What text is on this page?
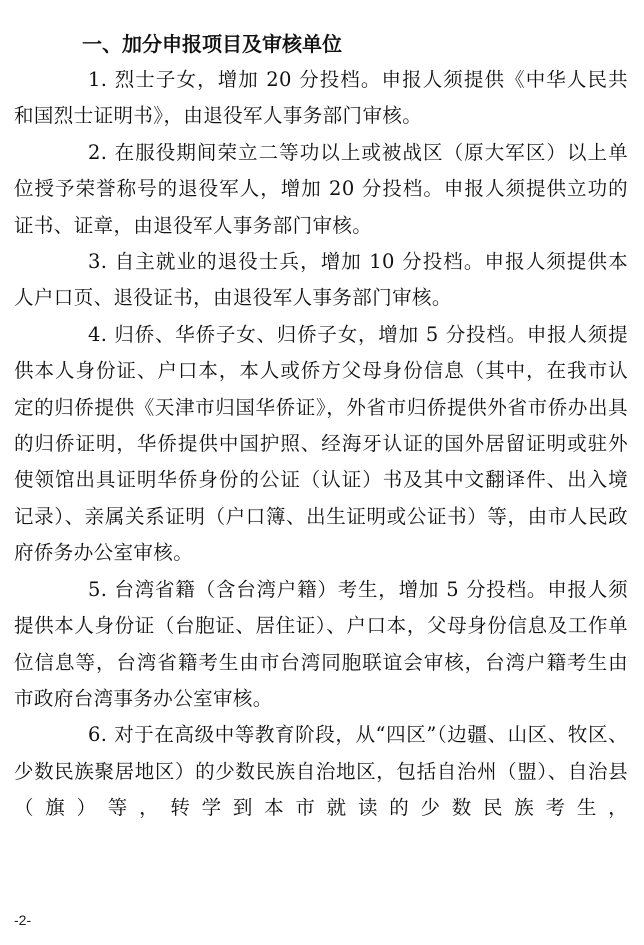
一、加分申报项目及审核单位

1. 烈士子女，增加 20 分投档。申报人须提供《中华人民共和国烈士证明书》，由退役军人事务部门审核。

2. 在服役期间荣立二等功以上或被战区（原大军区）以上单位授予荣誉称号的退役军人，增加 20 分投档。申报人须提供立功的证书、证章，由退役军人事务部门审核。

3. 自主就业的退役士兵，增加 10 分投档。申报人须提供本人户口页、退役证书，由退役军人事务部门审核。

4. 归侨、华侨子女、归侨子女，增加 5 分投档。申报人须提供本人身份证、户口本，本人或侨方父母身份信息（其中，在我市认定的归侨提供《天津市归国华侨证》，外省市归侨提供外省市侨办出具的归侨证明，华侨提供中国护照、经海牙认证的国外居留证明或驻外使领馆出具证明华侨身份的公证（认证）书及其中文翻译件、出入境记录）、亲属关系证明（户口簿、出生证明或公证书）等，由市人民政府侨务办公室审核。

5. 台湾省籍（含台湾户籍）考生，增加 5 分投档。申报人须提供本人身份证（台胞证、居住证）、户口本，父母身份信息及工作单位信息等，台湾省籍考生由市台湾同胞联谊会审核，台湾户籍考生由市政府台湾事务办公室审核。

6. 对于在高级中等教育阶段，从“四区”（边疆、山区、牧区、少数民族聚居地区）的少数民族自治地区，包括自治州（盟）、自治县（旗）等，转学到本市就读的少数民族考生，

-2-
